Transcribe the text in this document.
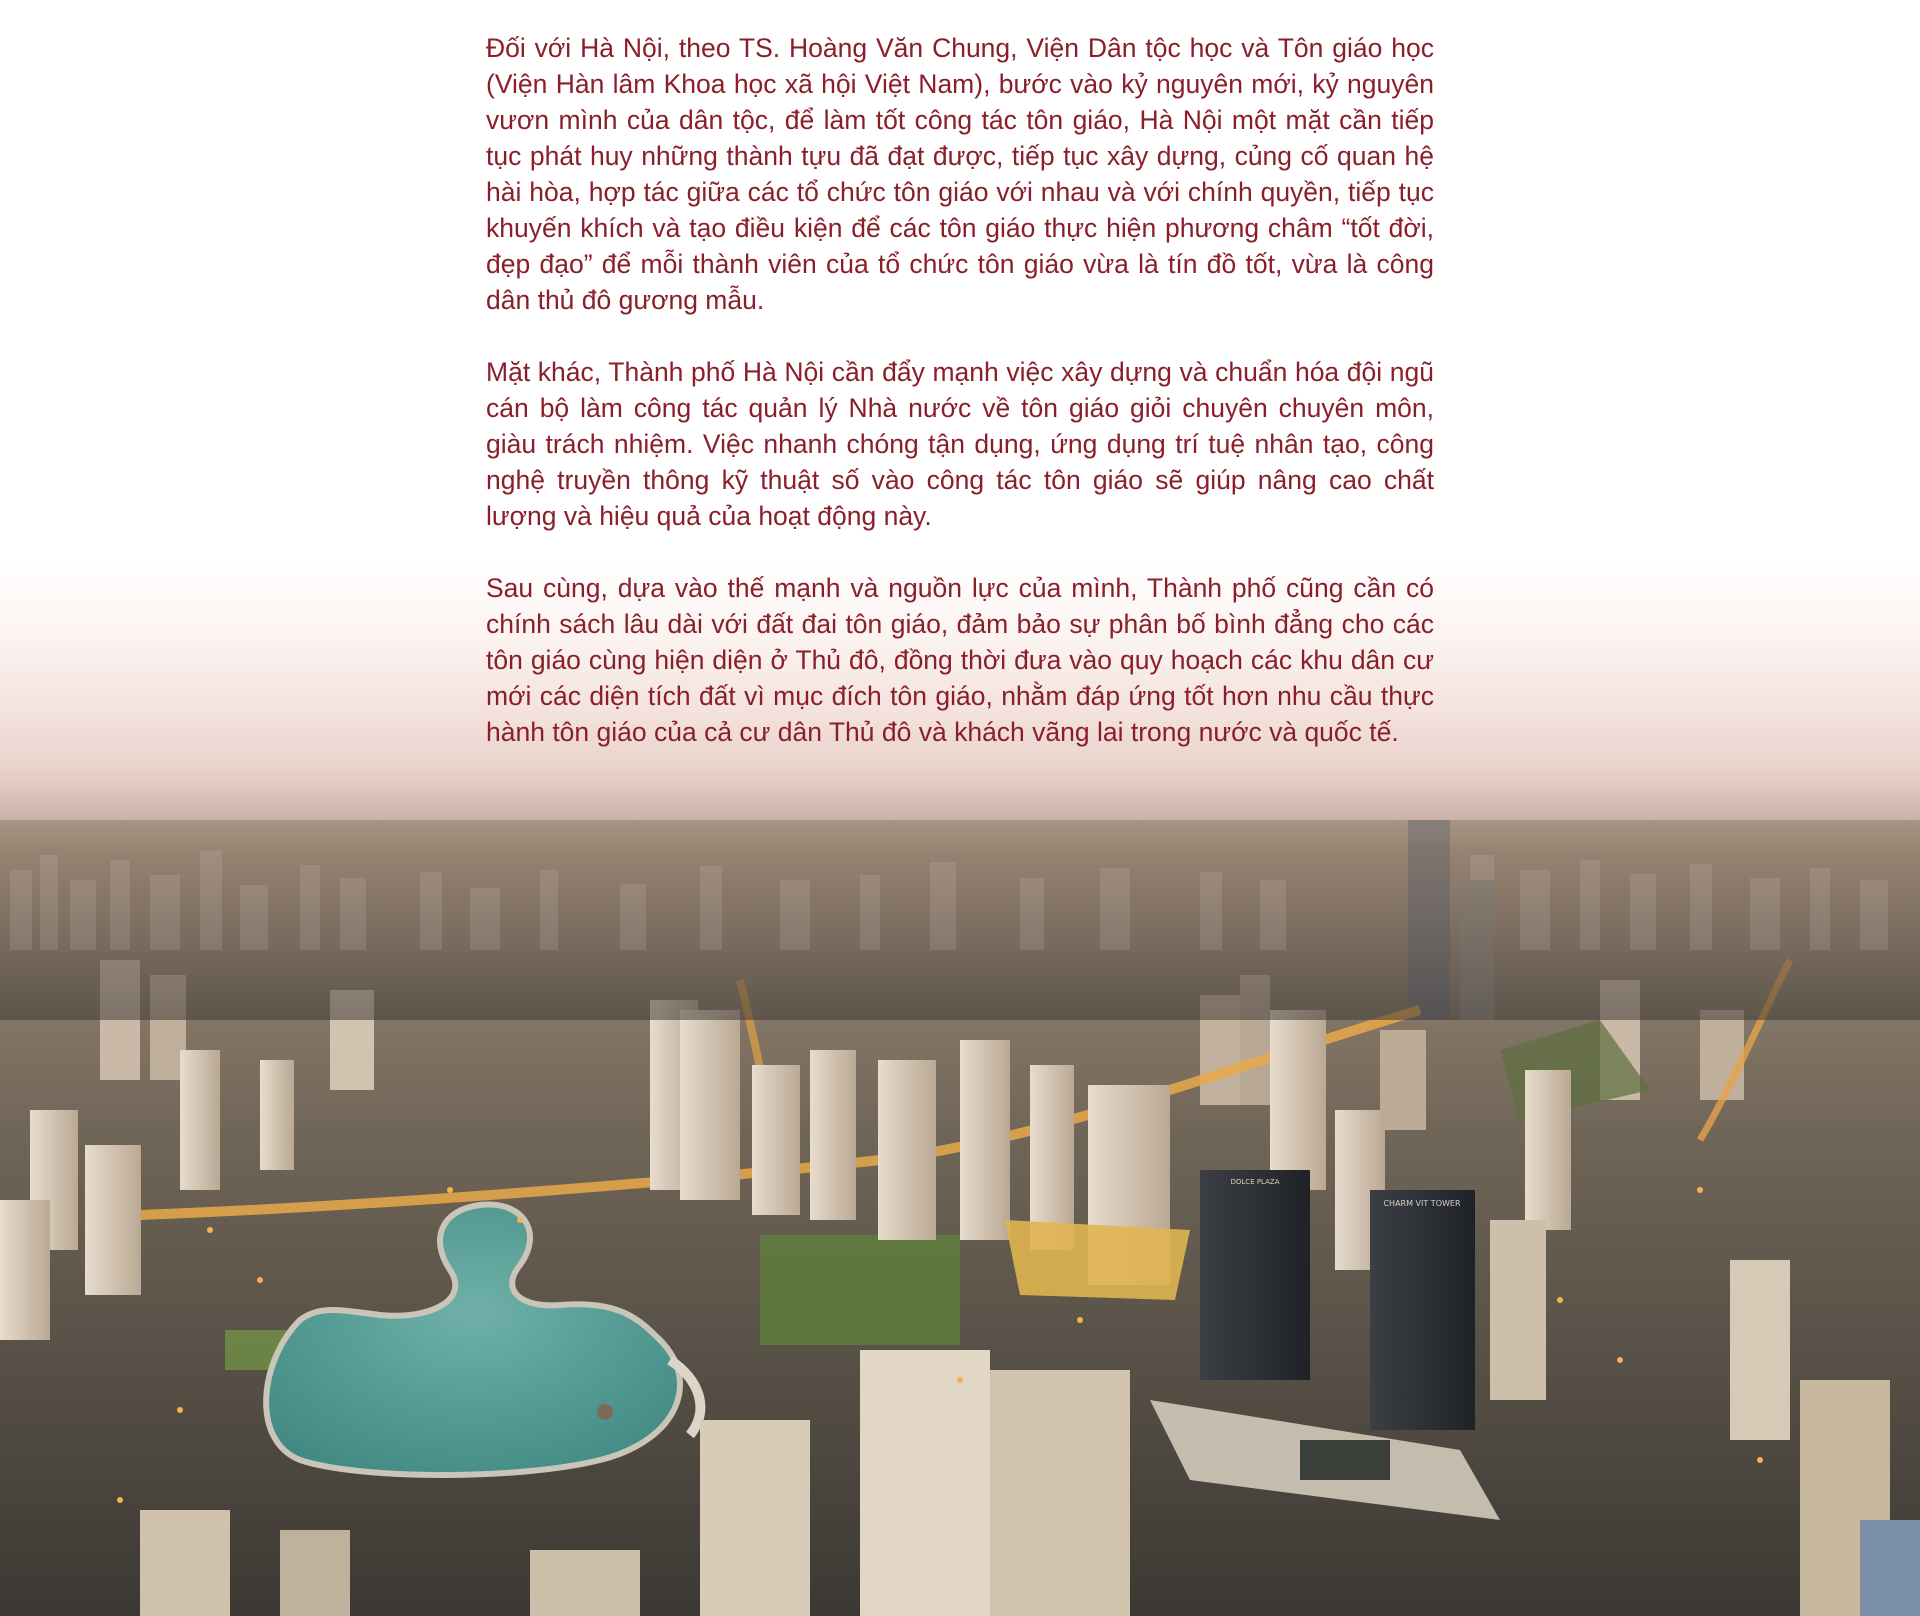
Đối với Hà Nội, theo TS. Hoàng Văn Chung, Viện Dân tộc học và Tôn giáo học (Viện Hàn lâm Khoa học xã hội Việt Nam), bước vào kỷ nguyên mới, kỷ nguyên vươn mình của dân tộc, để làm tốt công tác tôn giáo, Hà Nội một mặt cần tiếp tục phát huy những thành tựu đã đạt được, tiếp tục xây dựng, củng cố quan hệ hài hòa, hợp tác giữa các tổ chức tôn giáo với nhau và với chính quyền, tiếp tục khuyến khích và tạo điều kiện để các tôn giáo thực hiện phương châm “tốt đời, đẹp đạo” để mỗi thành viên của tổ chức tôn giáo vừa là tín đồ tốt, vừa là công dân thủ đô gương mẫu.

Mặt khác, Thành phố Hà Nội cần đẩy mạnh việc xây dựng và chuẩn hóa đội ngũ cán bộ làm công tác quản lý Nhà nước về tôn giáo giỏi chuyên chuyên môn, giàu trách nhiệm. Việc nhanh chóng tận dụng, ứng dụng trí tuệ nhân tạo, công nghệ truyền thông kỹ thuật số vào công tác tôn giáo sẽ giúp nâng cao chất lượng và hiệu quả của hoạt động này.

Sau cùng, dựa vào thế mạnh và nguồn lực của mình, Thành phố cũng cần có chính sách lâu dài với đất đai tôn giáo, đảm bảo sự phân bố bình đẳng cho các tôn giáo cùng hiện diện ở Thủ đô, đồng thời đưa vào quy hoạch các khu dân cư mới các diện tích đất vì mục đích tôn giáo, nhằm đáp ứng tốt hơn nhu cầu thực hành tôn giáo của cả cư dân Thủ đô và khách vãng lai trong nước và quốc tế.

CHARM VIT TOWER
DOLCE PLAZA
